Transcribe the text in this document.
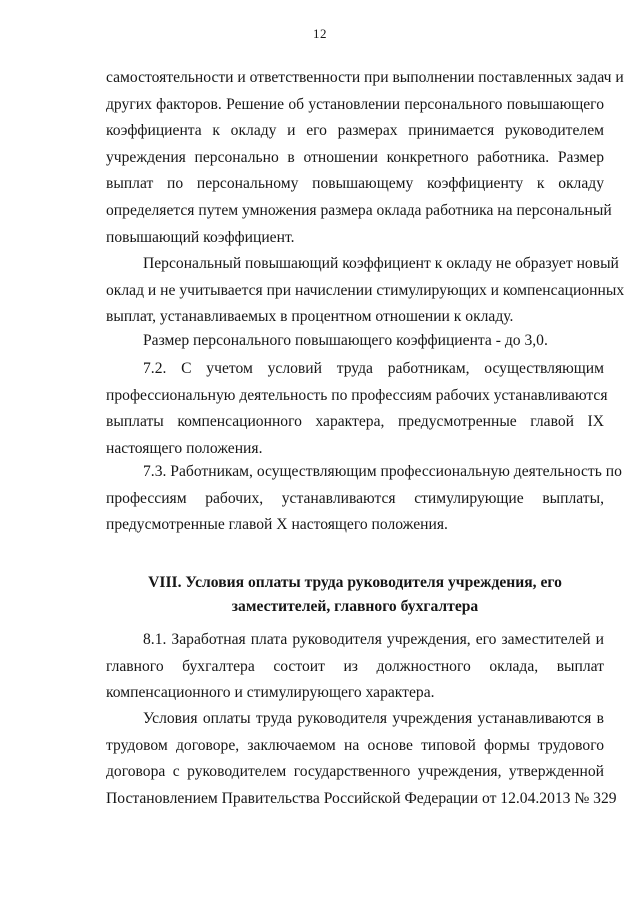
12
самостоятельности и ответственности при выполнении поставленных задач и
других факторов. Решение об установлении персонального повышающего
коэффициента к окладу и его размерах принимается руководителем
учреждения персонально в отношении конкретного работника. Размер
выплат по персональному повышающему коэффициенту к окладу
определяется путем умножения размера оклада работника на персональный
повышающий коэффициент.
Персональный повышающий коэффициент к окладу не образует новый
оклад и не учитывается при начислении стимулирующих и компенсационных
выплат, устанавливаемых в процентном отношении к окладу.
Размер персонального повышающего коэффициента - до 3,0.
7.2. С учетом условий труда работникам, осуществляющим
профессиональную деятельность по профессиям рабочих устанавливаются
выплаты компенсационного характера, предусмотренные главой IX
настоящего положения.
7.3. Работникам, осуществляющим профессиональную деятельность по
профессиям рабочих, устанавливаются стимулирующие выплаты,
предусмотренные главой X настоящего положения.
VIII. Условия оплаты труда руководителя учреждения, его
заместителей, главного бухгалтера
8.1. Заработная плата руководителя учреждения, его заместителей и
главного бухгалтера состоит из должностного оклада, выплат
компенсационного и стимулирующего характера.
Условия оплаты труда руководителя учреждения устанавливаются в
трудовом договоре, заключаемом на основе типовой формы трудового
договора с руководителем государственного учреждения, утвержденной
Постановлением Правительства Российской Федерации от 12.04.2013 № 329
